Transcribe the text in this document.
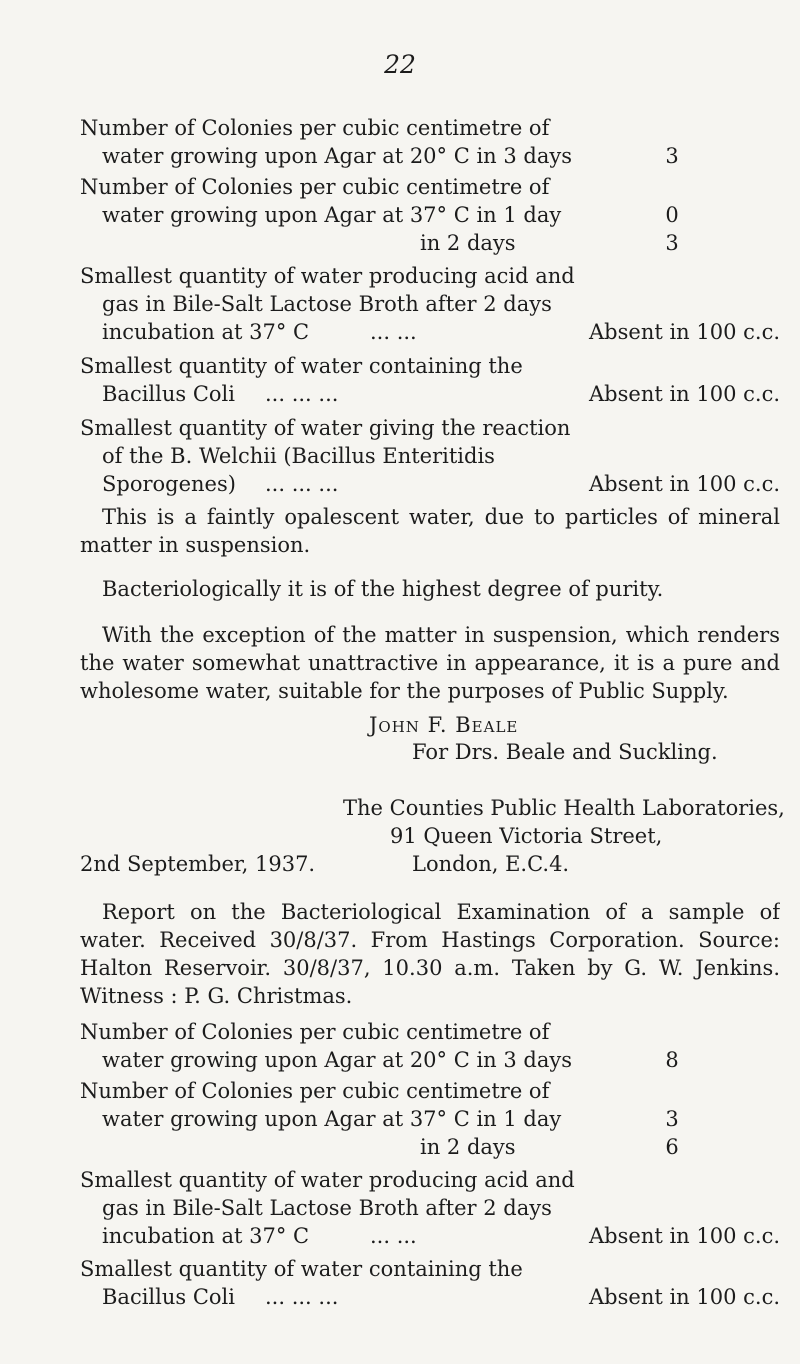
22
Number of Colonies per cubic centimetre of
water growing upon Agar at 20° C in 3 days	3
Number of Colonies per cubic centimetre of
water growing upon Agar at 37° C in 1 day	0
in 2 days	3
Smallest quantity of water producing acid and
gas in Bile-Salt Lactose Broth after 2 days
incubation at 37° C	... ...	Absent in 100 c.c.
Smallest quantity of water containing the
Bacillus Coli ... ... ...	Absent in 100 c.c.
Smallest quantity of water giving the reaction
of the B. Welchii (Bacillus Enteritidis
Sporogenes) ... ... ...	Absent in 100 c.c.
This is a faintly opalescent water, due to particles of mineral
matter in suspension.
Bacteriologically it is of the highest degree of purity.
With the exception of the matter in suspension, which renders
the water somewhat unattractive in appearance, it is a pure and
wholesome water, suitable for the purposes of Public Supply.
John F. Beale
For Drs. Beale and Suckling.
The Counties Public Health Laboratories,
91 Queen Victoria Street,
2nd September, 1937.	London, E.C.4.
Report on the Bacteriological Examination of a sample of
water. Received 30/8/37. From Hastings Corporation. Source:
Halton Reservoir. 30/8/37, 10.30 a.m. Taken by G. W. Jenkins.
Witness : P. G. Christmas.
Number of Colonies per cubic centimetre of
water growing upon Agar at 20° C in 3 days	8
Number of Colonies per cubic centimetre of
water growing upon Agar at 37° C in 1 day	3
in 2 days	6
Smallest quantity of water producing acid and
gas in Bile-Salt Lactose Broth after 2 days
incubation at 37° C	... ...	Absent in 100 c.c.
Smallest quantity of water containing the
Bacillus Coli ... ... ...	Absent in 100 c.c.
